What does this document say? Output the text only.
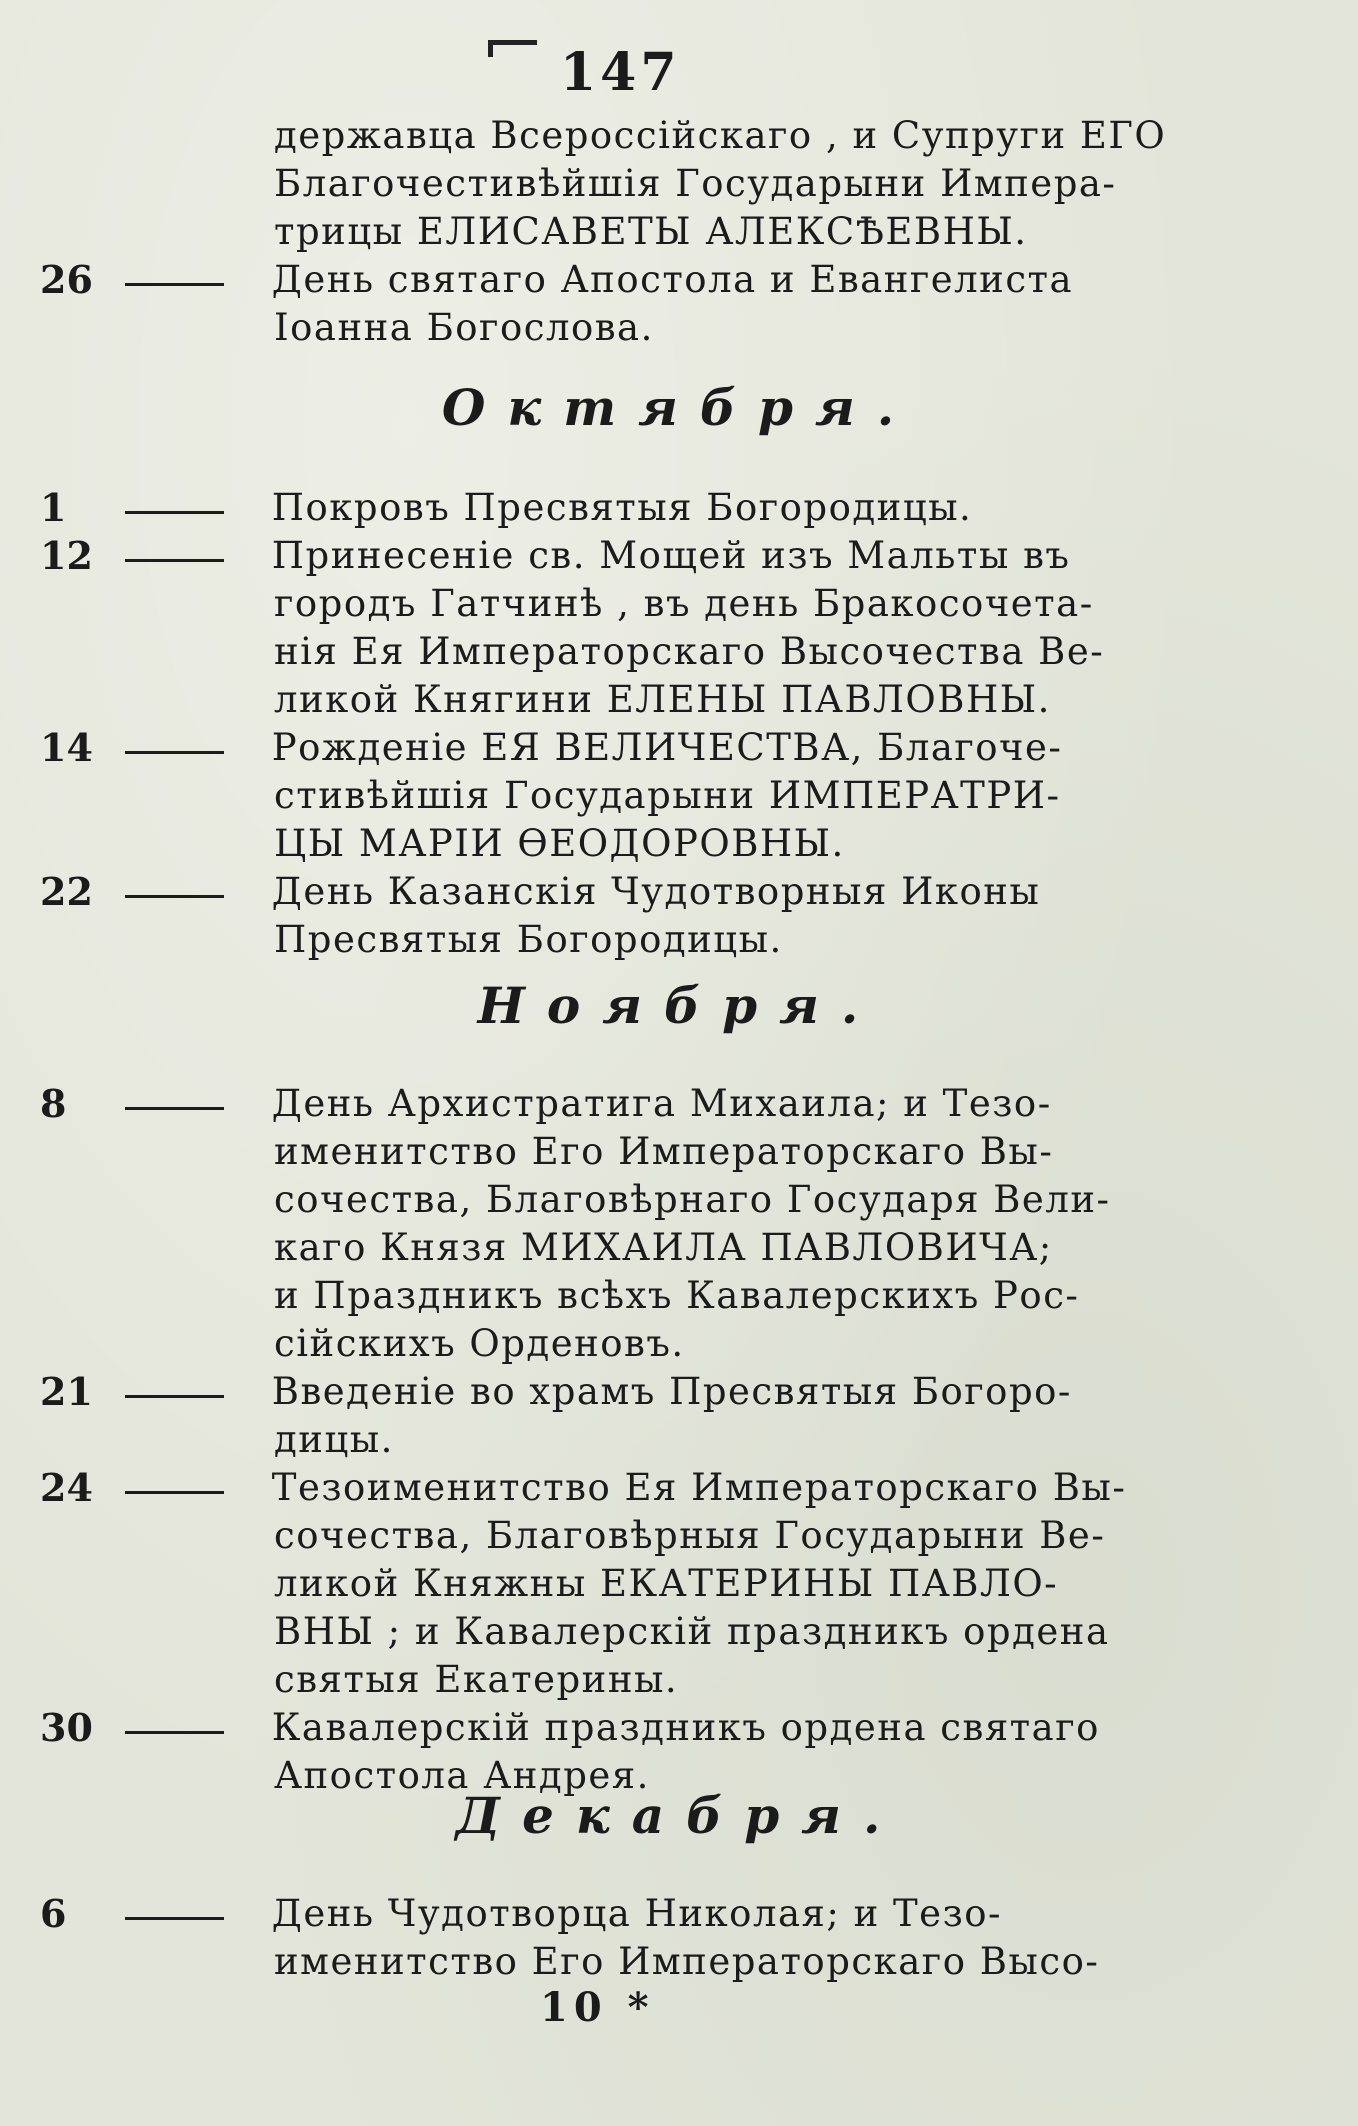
147
державца Всероссійскаго , и Супруги ЕГО
Благочестивѣйшія Государыни Импера-
трицы ЕЛИСАВЕТЫ АЛЕКСѢЕВНЫ.
26	День святаго Апостола и Евангелиста
Іоанна Богослова.
Октября.
1	Покровъ Пресвятыя Богородицы.
12	Принесеніе св. Мощей изъ Мальты въ
городъ Гатчинѣ , въ день Бракосочета-
нія Ея Императорскаго Высочества Ве-
ликой Княгини ЕЛЕНЫ ПАВЛОВНЫ.
14	Рожденіе ЕЯ ВЕЛИЧЕСТВА, Благоче-
стивѣйшія Государыни ИМПЕРАТРИ-
ЦЫ МАРІИ ѲЕОДОРОВНЫ.
22	День Казанскія Чудотворныя Иконы
Пресвятыя Богородицы.
Ноября.
8	День Архистратига Михаила; и Тезо-
именитство Его Императорскаго Вы-
сочества, Благовѣрнаго Государя Вели-
каго Князя МИХАИЛА ПАВЛОВИЧА;
и Праздникъ всѣхъ Кавалерскихъ Рос-
сійскихъ Орденовъ.
21	Введеніе во храмъ Пресвятыя Богоро-
дицы.
24	Тезоименитство Ея Императорскаго Вы-
сочества, Благовѣрныя Государыни Ве-
ликой Княжны ЕКАТЕРИНЫ ПАВЛО-
ВНЫ ; и Кавалерскій праздникъ ордена
святыя Екатерины.
30	Кавалерскій праздникъ ордена святаго
Апостола Андрея.
Декабря.
6	День Чудотворца Николая; и Тезо-
именитство Его Императорскаго Высо-
10 *
